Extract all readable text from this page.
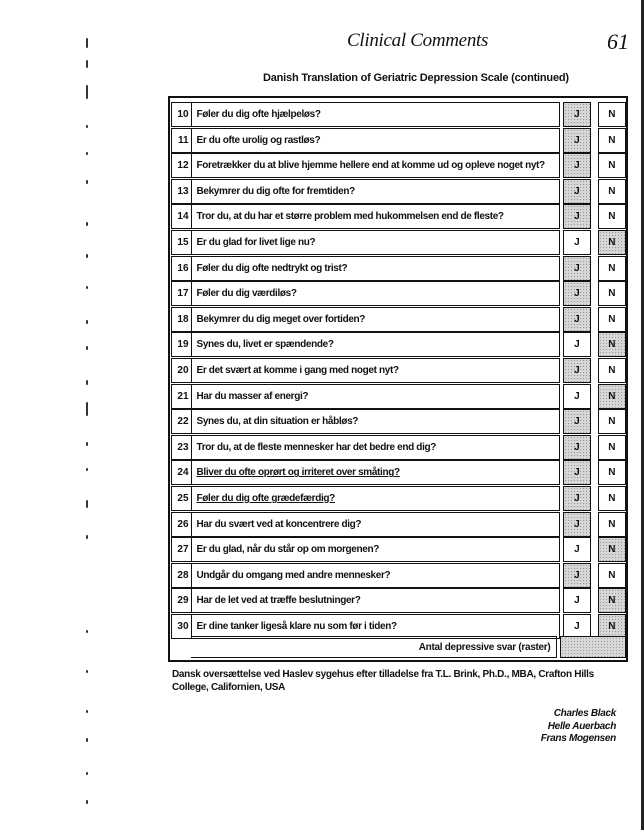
Clinical Comments	61
Danish Translation of Geriatric Depression Scale (continued)
10 Føler du dig ofte hjælpeløs?	J	N
11 Er du ofte urolig og rastløs?	J	N
12 Foretrækker du at blive hjemme hellere end at komme ud og opleve noget nyt?	J	N
13 Bekymrer du dig ofte for fremtiden?	J	N
14 Tror du, at du har et større problem med hukommelsen end de fleste?	J	N
15 Er du glad for livet lige nu?	J	N
16 Føler du dig ofte nedtrykt og trist?	J	N
17 Føler du dig værdiløs?	J	N
18 Bekymrer du dig meget over fortiden?	J	N
19 Synes du, livet er spændende?	J	N
20 Er det svært at komme i gang med noget nyt?	J	N
21 Har du masser af energi?	J	N
22 Synes du, at din situation er håbløs?	J	N
23 Tror du, at de fleste mennesker har det bedre end dig?	J	N
24 Bliver du ofte oprørt og irriteret over småting?	J	N
25 Føler du dig ofte grædefærdig?	J	N
26 Har du svært ved at koncentrere dig?	J	N
27 Er du glad, når du står op om morgenen?	J	N
28 Undgår du omgang med andre mennesker?	J	N
29 Har de let ved at træffe beslutninger?	J	N
30 Er dine tanker ligeså klare nu som før i tiden?	J	N
Antal depressive svar (raster)
Dansk oversættelse ved Haslev sygehus efter tilladelse fra T.L. Brink, Ph.D., MBA, Crafton Hills College, Californien, USA
Charles Black
Helle Auerbach
Frans Mogensen
